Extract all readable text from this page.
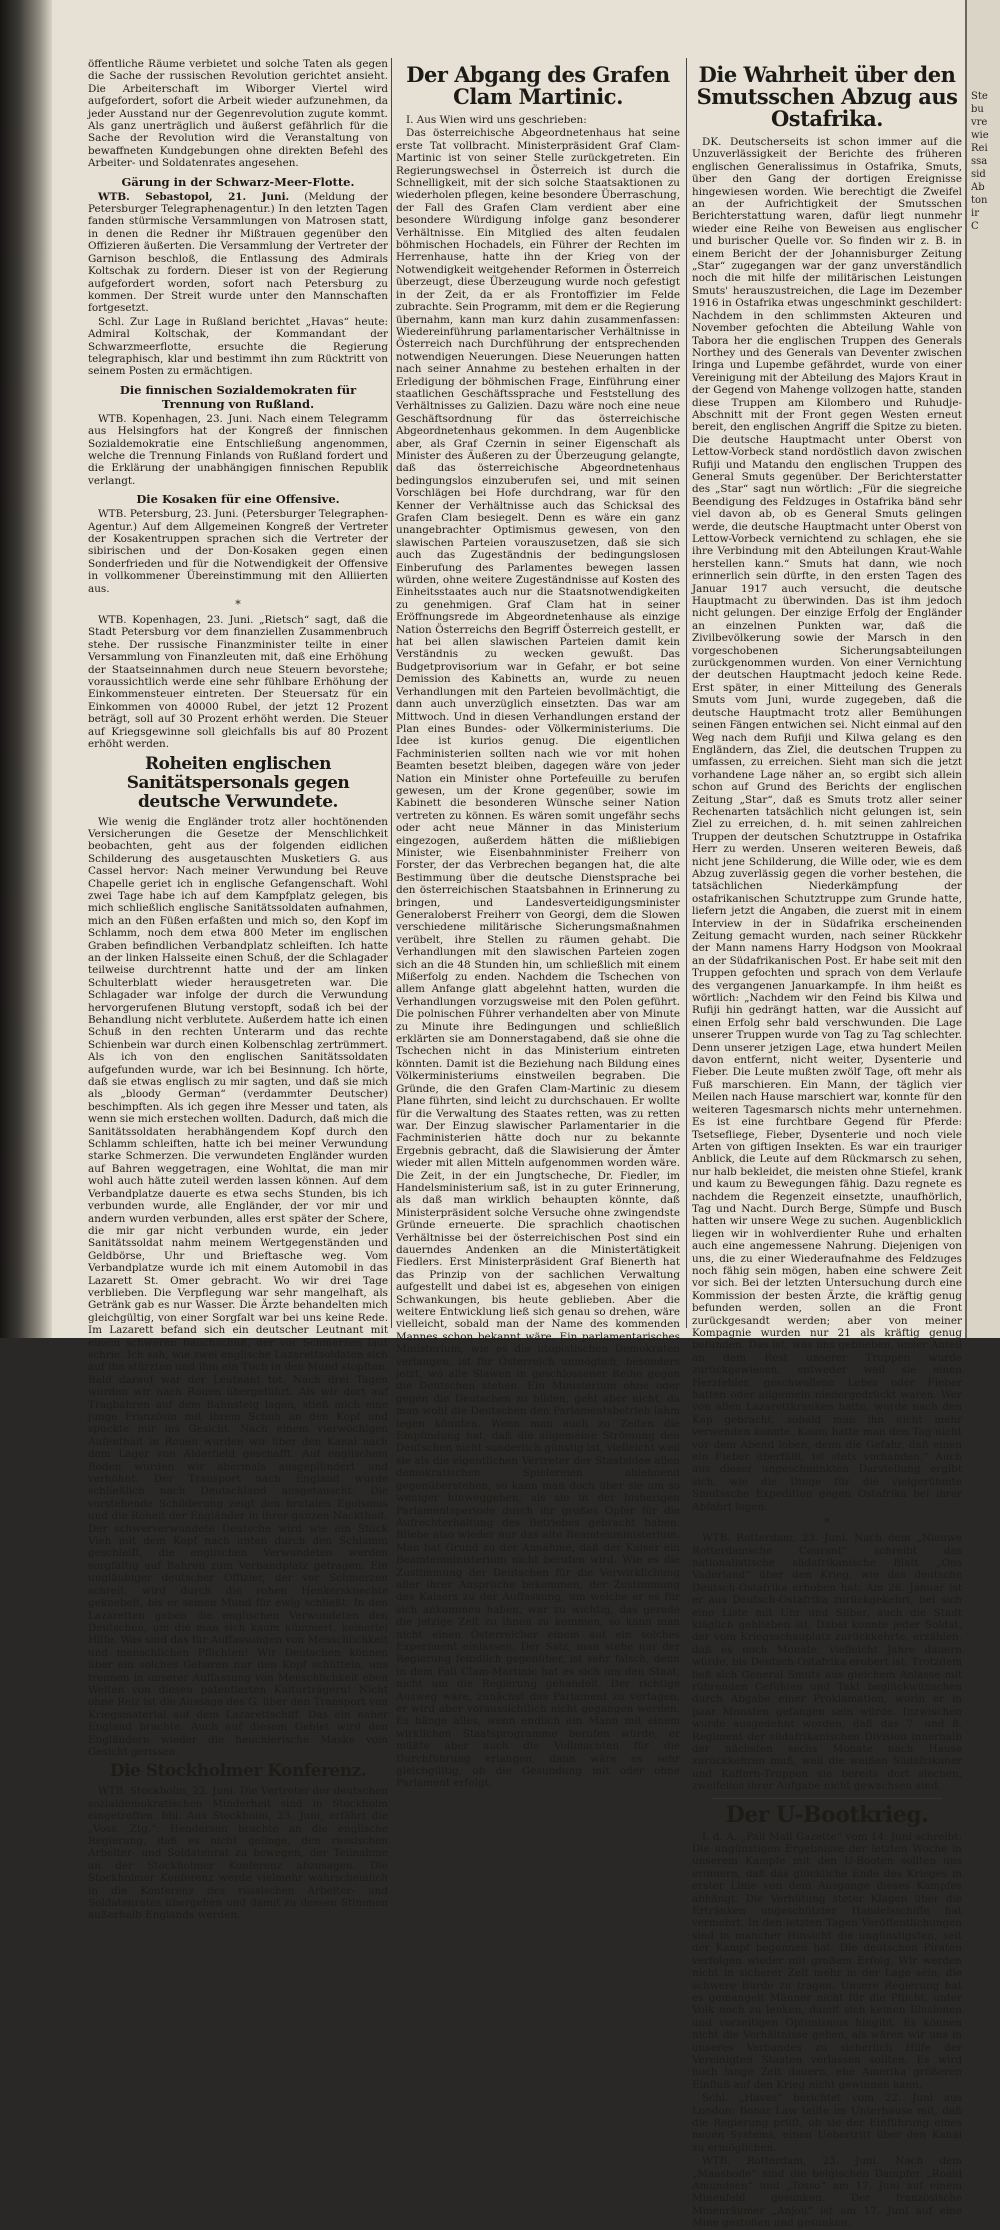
öffentliche Räume verbietet und solche Taten als gegen die Sache der russischen Revolution gerichtet ansieht. Die Arbeiterschaft im Wiborger Viertel wird aufgefordert, sofort die Arbeit wieder aufzunehmen, da jeder Ausstand nur der Gegenrevolution zugute kommt. Als ganz unerträglich und äußerst gefährlich für die Sache der Revolution wird die Veranstaltung von bewaffneten Kundgebungen ohne direkten Befehl des Arbeiter- und Soldatenrates angesehen.

Gärung in der Schwarz-Meer-Flotte.

WTB. Sebastopol, 21. Juni. (Meldung der Petersburger Telegraphenagentur.) In den letzten Tagen fanden stürmische Versammlungen von Matrosen statt, in denen die Redner ihr Mißtrauen gegenüber den Offizieren äußerten. Die Versammlung der Vertreter der Garnison beschloß, die Entlassung des Admirals Koltschak zu fordern. Dieser ist von der Regierung aufgefordert worden, sofort nach Petersburg zu kommen. Der Streit wurde unter den Mannschaften fortgesetzt.

Schl. Zur Lage in Rußland berichtet „Havas“ heute: Admiral Koltschak, der Kommandant der Schwarzmeerflotte, ersuchte die Regierung telegraphisch, klar und bestimmt ihn zum Rücktritt von seinem Posten zu ermächtigen.

Die finnischen Sozialdemokraten für Trennung von Rußland.

WTB. Kopenhagen, 23. Juni. Nach einem Telegramm aus Helsingfors hat der Kongreß der finnischen Sozialdemokratie eine Entschließung angenommen, welche die Trennung Finlands von Rußland fordert und die Erklärung der unabhängigen finnischen Republik verlangt.

Die Kosaken für eine Offensive.

WTB. Petersburg, 23. Juni. (Petersburger Telegraphen-Agentur.) Auf dem Allgemeinen Kongreß der Vertreter der Kosakentruppen sprachen sich die Vertreter der sibirischen und der Don-Kosaken gegen einen Sonderfrieden und für die Notwendigkeit der Offensive in vollkommener Übereinstimmung mit den Alliierten aus.

*

WTB. Kopenhagen, 23. Juni. „Rietsch“ sagt, daß die Stadt Petersburg vor dem finanziellen Zusammenbruch stehe. Der russische Finanzminister teilte in einer Versammlung von Finanzleuten mit, daß eine Erhöhung der Staatseinnahmen durch neue Steuern bevorstehe; voraussichtlich werde eine sehr fühlbare Erhöhung der Einkommensteuer eintreten. Der Steuersatz für ein Einkommen von 40000 Rubel, der jetzt 12 Prozent beträgt, soll auf 30 Prozent erhöht werden. Die Steuer auf Kriegsgewinne soll gleichfalls bis auf 80 Prozent erhöht werden.

Roheiten englischen Sanitätspersonals gegen deutsche Verwundete.

Wie wenig die Engländer trotz aller hochtönenden Versicherungen die Gesetze der Menschlichkeit beobachten, geht aus der folgenden eidlichen Schilderung des ausgetauschten Musketiers G. aus Cassel hervor: Nach meiner Verwundung bei Reuve Chapelle geriet ich in englische Gefangenschaft. Wohl zwei Tage habe ich auf dem Kampfplatz gelegen, bis mich schließlich englische Sanitätssoldaten aufnahmen, mich an den Füßen erfaßten und mich so, den Kopf im Schlamm, noch dem etwa 800 Meter im englischen Graben befindlichen Verbandplatz schleiften. Ich hatte an der linken Halsseite einen Schuß, der die Schlagader teilweise durchtrennt hatte und der am linken Schulterblatt wieder herausgetreten war. Die Schlagader war infolge der durch die Verwundung hervorgerufenen Blutung verstopft, sodaß ich bei der Behandlung nicht verblutete. Außerdem hatte ich einen Schuß in den rechten Unterarm und das rechte Schienbein war durch einen Kolbenschlag zertrümmert. Als ich von den englischen Sanitätssoldaten aufgefunden wurde, war ich bei Besinnung. Ich hörte, daß sie etwas englisch zu mir sagten, und daß sie mich als „bloody German“ (verdammter Deutscher) beschimpften. Als ich gegen ihre Messer und taten, als wenn sie mich erstechen wollten. Dadurch, daß mich die Sanitätssoldaten herabhängendem Kopf durch den Schlamm schleiften, hatte ich bei meiner Verwundung starke Schmerzen. Die verwundeten Engländer wurden auf Bahren weggetragen, eine Wohltat, die man mir wohl auch hätte zuteil werden lassen können. Auf dem Verbandplatze dauerte es etwa sechs Stunden, bis ich verbunden wurde, alle Engländer, der vor mir und andern wurden verbunden, alles erst später der Schere, die mir gar nicht verbunden wurde, ein jeder Sanitätssoldat nahm meinem Wertgegenständen und Geldbörse, Uhr und Brieftasche weg. Vom Verbandplatze wurde ich mit einem Automobil in das Lazarett St. Omer gebracht. Wo wir drei Tage verblieben. Die Verpflegung war sehr mangelhaft, als Getränk gab es nur Wasser. Die Ärzte behandelten mich gleichgültig, von einer Sorgfalt war bei uns keine Rede. Im Lazarett befand sich ein deutscher Leutnant mit einem schweren Bauchschuß, der vor Schmerzen laut schrie. Ich sah, wie zwei englische Lazarettsoldaten sich auf ihn stürzten und ihm ein Tuch in den Mund stopften. Bald darauf war der Leutnant tot. Nach drei Tagen wurden wir nach Rouen übergeführt. Als wir dort auf Tragbahren auf dem Bahnsteig lagen, stieß mich eine junge Französin mit ihrem Schuh an den Kopf und spuckte mir ins Gesicht. Nach einem vierwöchigen Aufenthalt in Rouen wurden wir über den Kanal nach dem Lager von Alderfield geschafft. Auf englischem Boden wurden wir abermals ausgeplündert und verhöhnt. Der Transport nach England wurde schließlich nach Deutschland ausgetauscht. Die vorstehende Schilderung zeigt den brutalen Egoismus und die Roheit der Engländer in ihrer ganzen Nacktheit. Der schwerverwundete Deutsche wird wie ein Stück Vieh mit dem Kopf nach unten durch den Schlamm geschleift, die englischen Verwundeten werden sorgfältig auf Bahren zum Verbandplatz getragen. Ein ungläubiger deutscher Offizier, der vor Schmerzen schreit, wird durch die rohen Henkersknechte geknebelt, bis er seinen Mund für ewig schließt. In den Lazaretten geben die englischen Verwundeten den Deutschen, um die man sich kaum kümmert, keinerlei Hilfe. Was sind das für Auffassungen von Menschlichkeit und menschlichen Pflichten! Wir Deutschen können über ein solches Gebaren nur den Kopf schütteln, uns trennen in unserer Auffassung von Menschlichkeit eben Welten von diesen patentierten Kulturträgern! Nicht ohne Reiz ist die Aussage des G. über den Transport von Kriegsmaterial auf dem Lazarettschiff. Das ein naher England brachte. Auch auf diesem Gebiet wird den Engländern wieder die heuchlerische Maske vom Gesicht gerissen.

Die Stockholmer Konferenz.

WTB. Stockholm, 22. Juni. Die Vertreter der deutschen sozialdemokratischen Minderheit sind in Stockholm eingetroffen. bbl. Aus Stockholm, 23. Juni, erfährt die „Voss. Ztg.“: Henderson brachte an die englische Regierung, daß es nicht gelinge, den russischen Arbeiter- und Soldatenrat zu bewegen, der Teilnahme an der Stockholmer Konferenz abzusagen. Die Stockholmer Konferenz werde vielmehr wahrscheinlich in die Konferenz des russischen Arbeiter- und Soldatenrates übergehen und damit zu dessen Stimmen außerhalb Englands werden.

Der Abgang des Grafen Clam Martinic.

I. Aus Wien wird uns geschrieben:

Das österreichische Abgeordnetenhaus hat seine erste Tat vollbracht. Ministerpräsident Graf Clam-Martinic ist von seiner Stelle zurückgetreten. Ein Regierungswechsel in Österreich ist durch die Schnelligkeit, mit der sich solche Staatsaktionen zu wiederholen pflegen, keine besondere Überraschung, der Fall des Grafen Clam verdient aber eine besondere Würdigung infolge ganz besonderer Verhältnisse. Ein Mitglied des alten feudalen böhmischen Hochadels, ein Führer der Rechten im Herrenhause, hatte ihn der Krieg von der Notwendigkeit weitgehender Reformen in Österreich überzeugt, diese Überzeugung wurde noch gefestigt in der Zeit, da er als Frontoffizier im Felde zubrachte. Sein Programm, mit dem er die Regierung übernahm, kann man kurz dahin zusammenfassen: Wiedereinführung parlamentarischer Verhältnisse in Österreich nach Durchführung der entsprechenden notwendigen Neuerungen. Diese Neuerungen hatten nach seiner Annahme zu bestehen erhalten in der Erledigung der böhmischen Frage, Einführung einer staatlichen Geschäftssprache und Feststellung des Verhältnisses zu Galizien. Dazu wäre noch eine neue Geschäftsordnung für das österreichische Abgeordnetenhaus gekommen. In dem Augenblicke aber, als Graf Czernin in seiner Eigenschaft als Minister des Äußeren zu der Überzeugung gelangte, daß das österreichische Abgeordnetenhaus bedingungslos einzuberufen sei, und mit seinen Vorschlägen bei Hofe durchdrang, war für den Kenner der Verhältnisse auch das Schicksal des Grafen Clam besiegelt. Denn es wäre ein ganz unangebrachter Optimismus gewesen, von den slawischen Parteien vorauszusetzen, daß sie sich auch das Zugeständnis der bedingungslosen Einberufung des Parlamentes bewegen lassen würden, ohne weitere Zugeständnisse auf Kosten des Einheitsstaates auch nur die Staatsnotwendigkeiten zu genehmigen. Graf Clam hat in seiner Eröffnungsrede im Abgeordnetenhause als einzige Nation Österreichs den Begriff Österreich gestellt, er hat bei allen slawischen Parteien damit kein Verständnis zu wecken gewußt. Das Budgetprovisorium war in Gefahr, er bot seine Demission des Kabinetts an, wurde zu neuen Verhandlungen mit den Parteien bevollmächtigt, die dann auch unverzüglich einsetzten. Das war am Mittwoch. Und in diesen Verhandlungen erstand der Plan eines Bundes- oder Völkerministeriums. Die Idee ist kurios genug. Die eigentlichen Fachministerien sollten nach wie vor mit hohen Beamten besetzt bleiben, dagegen wäre von jeder Nation ein Minister ohne Portefeuille zu berufen gewesen, um der Krone gegenüber, sowie im Kabinett die besonderen Wünsche seiner Nation vertreten zu können. Es wären somit ungefähr sechs oder acht neue Männer in das Ministerium eingezogen, außerdem hätten die mißliebigen Minister, wie Eisenbahnminister Freiherr von Forster, der das Verbrechen begangen hat, die alte Bestimmung über die deutsche Dienstsprache bei den österreichischen Staatsbahnen in Erinnerung zu bringen, und Landesverteidigungsminister Generaloberst Freiherr von Georgi, dem die Slowen verschiedene militärische Sicherungsmaßnahmen verübelt, ihre Stellen zu räumen gehabt. Die Verhandlungen mit den slawischen Parteien zogen sich an die 48 Stunden hin, um schließlich mit einem Mißerfolg zu enden. Nachdem die Tschechen von allem Anfange glatt abgelehnt hatten, wurden die Verhandlungen vorzugsweise mit den Polen geführt. Die polnischen Führer verhandelten aber von Minute zu Minute ihre Bedingungen und schließlich erklärten sie am Donnerstagabend, daß sie ohne die Tschechen nicht in das Ministerium eintreten könnten. Damit ist die Beziehung nach Bildung eines Völkerministeriums einstweilen begraben. Die Gründe, die den Grafen Clam-Martinic zu diesem Plane führten, sind leicht zu durchschauen. Er wollte für die Verwaltung des Staates retten, was zu retten war. Der Einzug slawischer Parlamentarier in die Fachministerien hätte doch nur zu bekannte Ergebnis gebracht, daß die Slawisierung der Ämter wieder mit allen Mitteln aufgenommen worden wäre. Die Zeit, in der ein Jungtscheche, Dr. Fiedler, im Handelsministerium saß, ist in zu guter Erinnerung, als daß man wirklich behaupten könnte, daß Ministerpräsident solche Versuche ohne zwingendste Gründe erneuerte. Die sprachlich chaotischen Verhältnisse bei der österreichischen Post sind ein dauerndes Andenken an die Ministertätigkeit Fiedlers. Erst Ministerpräsident Graf Bienerth hat das Prinzip von der sachlichen Verwaltung aufgestellt und dabei ist es, abgesehen von einigen Schwankungen, bis heute geblieben. Aber die weitere Entwicklung ließ sich genau so drehen, wäre vielleicht, sobald man der Name des kommenden Mannes schon bekannt wäre. Ein parlamentarisches Ministerium, wie es die utopistischen Demokraten verlangen, ist für Österreich unmöglich, besonders jetzt, wo alle Slawen in geschlossener Reihe gegen die Deutschen stehen. Ein Ministerium ohne oder gegen die Deutschen zu bilden, geht aber nicht, da man wohl die Deutschen den Parlamentsbetrieb lahm legen könnten. Wenn man auch zu Zeiten die Empfindung hat, daß die allgemeine Strömung den Deutschen nicht sonderlich günstig ist, vielleicht weil sie als die eigentlichen Vertreter der Staatsidee allen demokratischen Spielereien ablehnend gegenüberstehen, so kann man doch über sie um so weniger hinweggehen, als sie in der bisherigen Parlamentsperiode durch ihr großes Opfer für die Aufrechterhaltung des Betriebes gebracht haben. Bliebe also wieder nur das alte Beamtenministerium. Man hat Grund zu der Annahme, daß der Kaiser ein Beamtenministerium nicht berufen wird. Wie es die Zustimmung der Deutschen für die Verwirklichung aller ihrer Ansprüche bekommen, der Zustimmung des Kaisers zu der Auffassung, um welche er es für sich ankommen haben, war zu wichtig, das gerade die jetzige Zeit zu ihnen zu kommen, so kann man nicht einen Österreicher einem auf ein solches Experiment einlassen. Der Satz, man stehe nur der Regierung feindlich gegenüber, ist sehr falsch, denn in dem Fall Clam-Martinic hat es sich um den Staat, nicht um die Regierung gehandelt. Der richtige Ausweg wäre, zunächst das Parlament zu vertagen, er wird aber voraussichtlich nicht gegangen werden. Es hänge alles, wenn endlich ein Mann mit einem wirklichen Staatsprogramme berufen würde, er müßte aber auch die Vollmachten für die Durchführung erlangen, dann wäre es sehr gleichgültig, ob die Gesundung mit oder ohne Parlament erfolgt.

Die Wahrheit über den Smutsschen Abzug aus Ostafrika.

DK. Deutscherseits ist schon immer auf die Unzuverlässigkeit der Berichte des früheren englischen Generalissimus in Ostafrika, Smuts, über den Gang der dortigen Ereignisse hingewiesen worden. Wie berechtigt die Zweifel an der Aufrichtigkeit der Smutsschen Berichterstattung waren, dafür liegt nunmehr wieder eine Reihe von Beweisen aus englischer und burischer Quelle vor. So finden wir z. B. in einem Bericht der der Johannisburger Zeitung „Star“ zugegangen war der ganz unverständlich noch die mit hilfe der militärischen Leistungen Smuts' herauszustreichen, die Lage im Dezember 1916 in Ostafrika etwas ungeschminkt geschildert: Nachdem in den schlimmsten Akteuren und November gefochten die Abteilung Wahle von Tabora her die englischen Truppen des Generals Northey und des Generals van Deventer zwischen Iringa und Lupembe gefährdet, wurde von einer Vereinigung mit der Abteilung des Majors Kraut in der Gegend von Mahenge vollzogen hatte, standen diese Truppen am Kilombero und Ruhudje-Abschnitt mit der Front gegen Westen erneut bereit, den englischen Angriff die Spitze zu bieten. Die deutsche Hauptmacht unter Oberst von Lettow-Vorbeck stand nordöstlich davon zwischen Rufiji und Matandu den englischen Truppen des General Smuts gegenüber. Der Berichterstatter des „Star“ sagt nun wörtlich: „Für die siegreiche Beendigung des Feldzuges in Ostafrika bänd sehr viel davon ab, ob es General Smuts gelingen werde, die deutsche Hauptmacht unter Oberst von Lettow-Vorbeck vernichtend zu schlagen, ehe sie ihre Verbindung mit den Abteilungen Kraut-Wahle herstellen kann.“ Smuts hat dann, wie noch erinnerlich sein dürfte, in den ersten Tagen des Januar 1917 auch versucht, die deutsche Hauptmacht zu überwinden. Das ist ihm jedoch nicht gelungen. Der einzige Erfolg der Engländer an einzelnen Punkten war, daß die Zivilbevölkerung sowie der Marsch in den vorgeschobenen Sicherungsabteilungen zurückgenommen wurden. Von einer Vernichtung der deutschen Hauptmacht jedoch keine Rede. Erst später, in einer Mitteilung des Generals Smuts vom Juni, wurde zugegeben, daß die deutsche Hauptmacht trotz aller Bemühungen seinen Fängen entwichen sei. Nicht einmal auf den Weg nach dem Rufiji und Kilwa gelang es den Engländern, das Ziel, die deutschen Truppen zu umfassen, zu erreichen. Sieht man sich die jetzt vorhandene Lage näher an, so ergibt sich allein schon auf Grund des Berichts der englischen Zeitung „Star“, daß es Smuts trotz aller seiner Rechenarten tatsächlich nicht gelungen ist, sein Ziel zu erreichen, d. h. mit seinen zahlreichen Truppen der deutschen Schutztruppe in Ostafrika Herr zu werden. Unseren weiteren Beweis, daß nicht jene Schilderung, die Wille oder, wie es dem Abzug zuverlässig gegen die vorher bestehen, die tatsächlichen Niederkämpfung der ostafrikanischen Schutztruppe zum Grunde hatte, liefern jetzt die Angaben, die zuerst mit in einem Interview in der in Südafrika erscheinenden Zeitung gemacht wurden, nach seiner Rückkehr der Mann namens Harry Hodgson von Mookraal an der Südafrikanischen Post. Er habe seit mit den Truppen gefochten und sprach von dem Verlaufe des vergangenen Januarkampfe. In ihm heißt es wörtlich: „Nachdem wir den Feind bis Kilwa und Rufiji hin gedrängt hatten, war die Aussicht auf einen Erfolg sehr bald verschwunden. Die Lage unserer Truppen wurde von Tag zu Tag schlechter. Denn unserer jetzigen Lage, etwa hundert Meilen davon entfernt, nicht weiter, Dysenterie und Fieber. Die Leute mußten zwölf Tage, oft mehr als Fuß marschieren. Ein Mann, der täglich vier Meilen nach Hause marschiert war, konnte für den weiteren Tagesmarsch nichts mehr unternehmen. Es ist eine furchtbare Gegend für Pferde: Tsetsefliege, Fieber, Dysenterie und noch viele Arten von giftigen Insekten. Es war ein trauriger Anblick, die Leute auf dem Rückmarsch zu sehen, nur halb bekleidet, die meisten ohne Stiefel, krank und kaum zu Bewegungen fähig. Dazu regnete es nachdem die Regenzeit einsetzte, unaufhörlich, Tag und Nacht. Durch Berge, Sümpfe und Busch hatten wir unsere Wege zu suchen. Augenblicklich liegen wir in wohlverdienter Ruhe und erhalten auch eine angemessene Nahrung. Diejenigen von uns, die zu einer Wiederaufnahme des Feldzuges noch fähig sein mögen, haben eine schwere Zeit vor sich. Bei der letzten Untersuchung durch eine Kommission der besten Ärzte, die kräftig genug befunden werden, sollen an die Front zurückgesandt werden; aber von meiner Kompagnie wurden nur 21 als kräftig genug befunden. Das ist, was uns geblieben, unser Anteil an dem Rest unserer Truppen wurde zurückgewiesen, entweder weil sie einen Herzfehler, geschwollene Leber oder Fieber hatten oder allgemein niedergedrückt waren. Wer von allen Lazarettkranken hatte, wurde nach den Kap gebracht, sobald man ihn nicht mehr verwenden konnte. Kaum hatte man den Tag nicht vor dem Abend loben, denn die Gefahr, daß einen ein Fieber überfällt, ist stets vorhanden.“ Auch aus dieser ungeschminkten Darstellung ergibt sich, wie die Dinge für die vielgerühmte Smutssche Expedition gegen Ostafrika bei ihrer Abfahrt lagen.

*

WTB. Rotterdam, 23. Juni. Nach dem „Nieuwe Rotterdamsche Courant“ schreibt das nationalistische südafrikanische Blatt „Ons Vaderland“ über den Krieg, wie das deutsche Deutsch-Ostafrika erhoben hat: Am 26. Januar ist er aus Deutsch-Ostafrika zurückgekehrt, bei sich eine Liste mit Uhr und Silber, auch die Stadt kläglich geblieben ist. Dabei konnte jeder Soldat, der vom Kriegsschauplatz zurückkehrte, erzählen, daß es noch Monate, vielleicht Jahre dauern würde, bis Deutsch-Ostafrika erobert ist. Trotzdem ließ sich General Smuts aus gleichem Anlasse mit rührenden Gefühlen und Takt beglückwünschen durch Abgabe einer Proklamation, worin er in paar Monaten gefangen sein würde. Inzwischen wurde ausgedehnt worden, daß das 7. und 8. Regiment der südafrikanischen Division innerhalb der nächsten sechs Monate nach Hause zurückkehren muß, weil die weißen Südafrikaner und Kaffern-Truppen sie bereits dort siechen, zweifellos ihrer Aufgabe nicht gewachsen sind.

Der U-Bootkrieg.

I. d. A. „Pall Mall Gazette“ vom 14. Juni schreibt: Die ungünstigen Ergebnisse der letzten Woche in unserem Kampfe mit den U-Booten sollten uns erinnern, daß das glückliche Ende des Krieges in erster Linie von dem Ausgange dieses Kampfes abhängt. Die Verhütung steter Klagen über die Ertränken ungeschützter Handelsschiffe hat vermehrt. In den letzten Tagen Veröffentlichungen sind in mancher Hinsicht die ungünstigsten, seit der Kampf begonnen hat. Die deutschen Piraten verfolgen wieder mit großem Erfolg. Wir werden nicht in sicherer Zeit mehr in der Lage sein, die schwere Bürde zu tragen. Unsere Regierung hat es gemangelt Männer nicht für die Pflicht, unter Volk noch zu lenken, damit sich keinen Illusionen und vorzeitigen Optimismus hingibt. Es können nicht die Verhältnisse geben, als wären wir uns in unseres Verbandes zu sicherlich Hilfe der Vereinigten Staaten verlassen sollten. Es wird noch lange Zeit dauern, ehe Amerika größeren Einfluß auf den Krieg nicht gewinnen kann.

Schl. „Havas“ berichtet vom 22. Juni aus London: Bonar Law teilte im Unterhause mit, daß die Regierung prüft, ob sie der Einführung eines neuen Systems, einen Uebertritt über den Kanal zu ermöglichen.

WTB. Rotterdam, 23. Juni. Nach dem „Maasbode“ sind die belgischen Dampfer „Roald Amundsen“ und „Tosso“ am 17. Juni auf einem Minenfeld gesunken. Der französische Minenräumer „Anjou“ ist am 17. Juni auf eine Mine gestoßen und gesunken.

Ste
bu
vre
wie
Rei
ssa
sid
Ab
ton
ir
C
